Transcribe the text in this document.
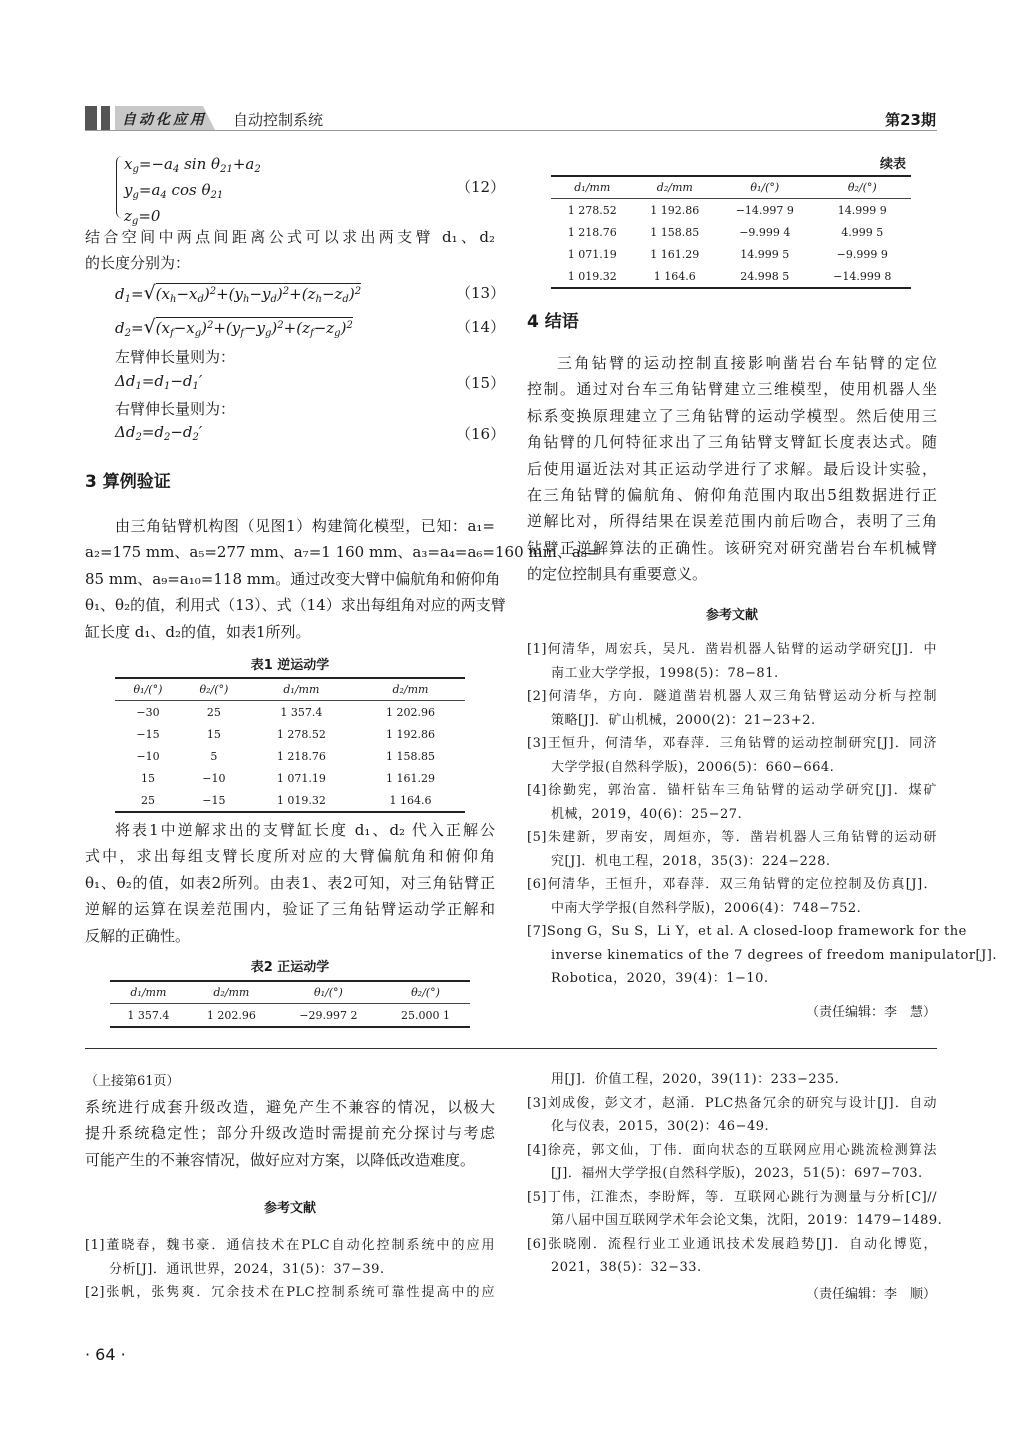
自动化应用 自动控制系统	第23期
$x_g=-a_4$ $\sin \theta_{21}+a_2$
$y_g=a_4$ $\cos \theta_{21}$
$z_g=0$
（12）
结合空间中两点间距离公式可以求出两支臂 d₁、d₂
的长度分别为：
$d_1=√(x_h-x_d)^2+(y_h-y_d)^2+(z_h-z_d)^2$	（13）
$d_2=√(x_f-x_g)^2+(y_f-y_g)^2+(z_f-z_g)^2$	（14）
左臂伸长量则为：
$\Delta d_1=d_1-d_1'$	（15）
右臂伸长量则为：
$\Delta d_2=d_2-d_2'$	（16）
3 算例验证
由三角钻臂机构图（见图1）构建简化模型，已知：a₁=
a₂=175 mm、a₅=277 mm、a₇=1 160 mm、a₃=a₄=a₆=160 mm、a₈=
85 mm、a₉=a₁₀=118 mm。通过改变大臂中偏航角和俯仰角
θ₁、θ₂的值，利用式（13）、式（14）求出每组角对应的两支臂
缸长度 d₁、d₂的值，如表1所列。
表1 逆运动学
θ₁/(°)	θ₂/(°)	d₁/mm	d₂/mm
−30	25	1 357.4	1 202.96
−15	15	1 278.52	1 192.86
−10	5	1 218.76	1 158.85
15	−10	1 071.19	1 161.29
25	−15	1 019.32	1 164.6
将表1中逆解求出的支臂缸长度 d₁、d₂ 代入正解公
式中，求出每组支臂长度所对应的大臂偏航角和俯仰角
θ₁、θ₂的值，如表2所列。由表1、表2可知，对三角钻臂正
逆解的运算在误差范围内，验证了三角钻臂运动学正解和
反解的正确性。
表2 正运动学
d₁/mm	d₂/mm	θ₁/(°)	θ₂/(°)
1 357.4	1 202.96	−29.997 2	25.000 1
续表
d₁/mm	d₂/mm	θ₁/(°)	θ₂/(°)
1 278.52	1 192.86	−14.997 9	14.999 9
1 218.76	1 158.85	−9.999 4	4.999 5
1 071.19	1 161.29	14.999 5	−9.999 9
1 019.32	1 164.6	24.998 5	−14.999 8
4 结语
三角钻臂的运动控制直接影响凿岩台车钻臂的定位
控制。通过对台车三角钻臂建立三维模型，使用机器人坐
标系变换原理建立了三角钻臂的运动学模型。然后使用三
角钻臂的几何特征求出了三角钻臂支臂缸长度表达式。随
后使用逼近法对其正运动学进行了求解。最后设计实验，
在三角钻臂的偏航角、俯仰角范围内取出5组数据进行正
逆解比对，所得结果在误差范围内前后吻合，表明了三角
钻臂正逆解算法的正确性。该研究对研究凿岩台车机械臂
的定位控制具有重要意义。
参考文献
[1]何清华，周宏兵，吴凡．凿岩机器人钻臂的运动学研究[J]．中
南工业大学学报，1998(5)：78−81.
[2]何清华，方向．隧道凿岩机器人双三角钻臂运动分析与控制
策略[J]．矿山机械，2000(2)：21−23+2.
[3]王恒升，何清华，邓春萍．三角钻臂的运动控制研究[J]．同济
大学学报(自然科学版)，2006(5)：660−664.
[4]徐勤宪，郭治富．锚杆钻车三角钻臂的运动学研究[J]．煤矿
机械，2019，40(6)：25−27.
[5]朱建新，罗南安，周烜亦，等．凿岩机器人三角钻臂的运动研
究[J]．机电工程，2018，35(3)：224−228.
[6]何清华，王恒升，邓春萍．双三角钻臂的定位控制及仿真[J]．
中南大学学报(自然科学版)，2006(4)：748−752.
[7]Song G，Su S，Li Y，et al. A closed-loop framework for the
inverse kinematics of the 7 degrees of freedom manipulator[J].
Robotica，2020，39(4)：1−10.
（责任编辑：李　慧）
（上接第61页）
系统进行成套升级改造，避免产生不兼容的情况，以极大
提升系统稳定性；部分升级改造时需提前充分探讨与考虑
可能产生的不兼容情况，做好应对方案，以降低改造难度。
参考文献
[1]董晓春，魏书豪．通信技术在PLC自动化控制系统中的应用
分析[J]．通讯世界，2024，31(5)：37−39.
[2]张帆，张隽爽．冗余技术在PLC控制系统可靠性提高中的应
用[J]．价值工程，2020，39(11)：233−235.
[3]刘成俊，彭文才，赵涌．PLC热备冗余的研究与设计[J]．自动
化与仪表，2015，30(2)：46−49.
[4]徐亮，郭文仙，丁伟．面向状态的互联网应用心跳流检测算法
[J]．福州大学学报(自然科学版)，2023，51(5)：697−703.
[5]丁伟，江淮杰，李盼辉，等．互联网心跳行为测量与分析[C]//
第八届中国互联网学术年会论文集，沈阳，2019：1479−1489.
[6]张晓刚．流程行业工业通讯技术发展趋势[J]．自动化博览，
2021，38(5)：32−33.
（责任编辑：李　顺）
· 64 ·
